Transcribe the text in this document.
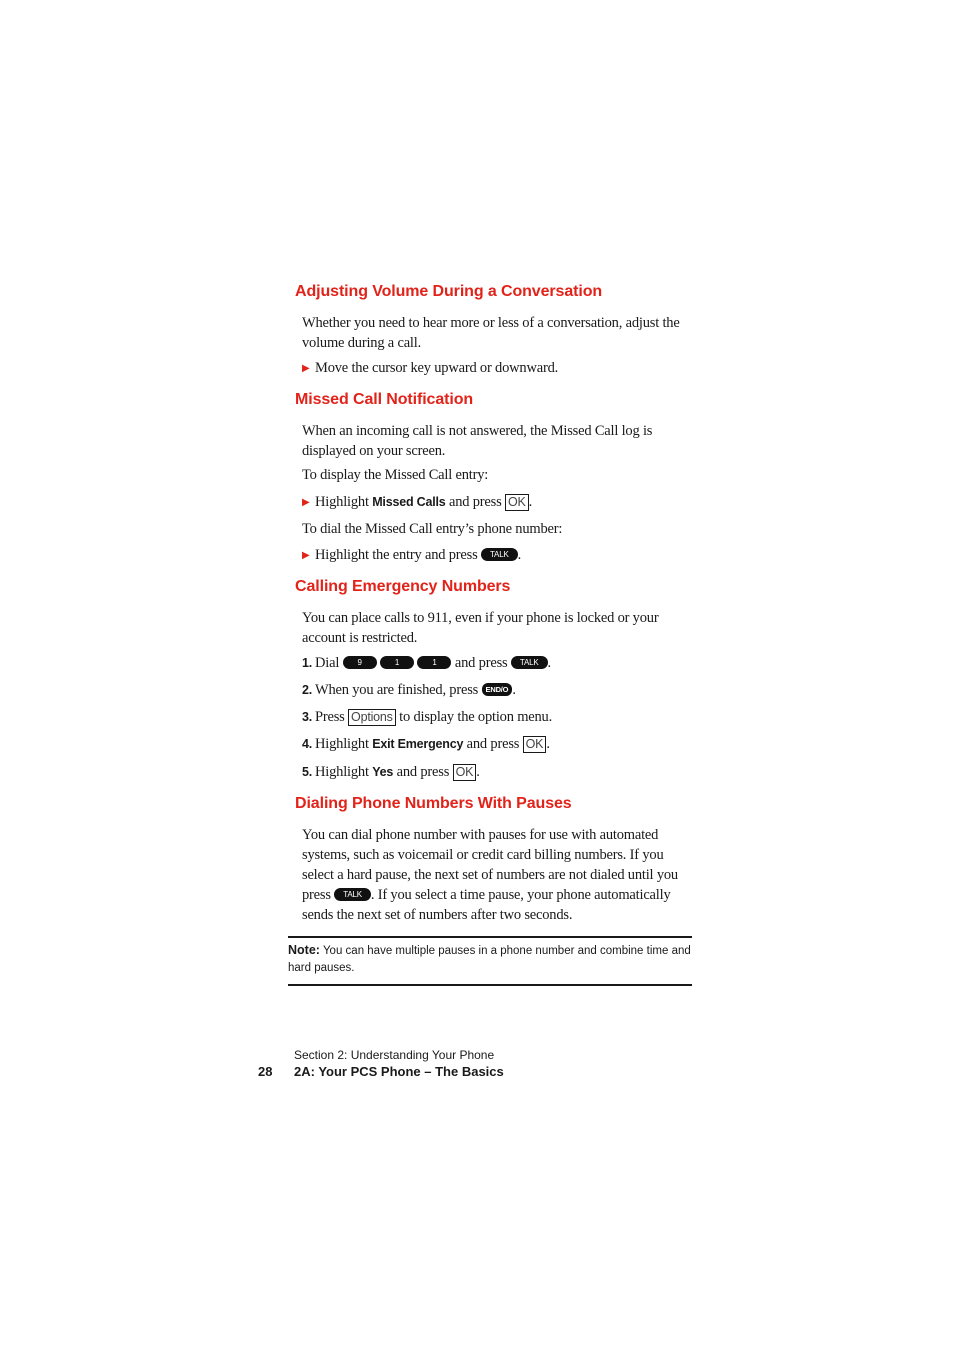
Adjusting Volume During a Conversation

Whether you need to hear more or less of a conversation, adjust the volume during a call.

▶ Move the cursor key upward or downward.

Missed Call Notification

When an incoming call is not answered, the Missed Call log is displayed on your screen.

To display the Missed Call entry:

▶ Highlight Missed Calls and press OK .

To dial the Missed Call entry’s phone number:

▶ Highlight the entry and press TALK .

Calling Emergency Numbers

You can place calls to 911, even if your phone is locked or your account is restricted.

1. Dial 9	1	1 and press TALK .

2. When you are finished, press END/O .

3. Press Options to display the option menu.

4. Highlight Exit Emergency and press OK .

5. Highlight Yes and press OK .

Dialing Phone Numbers With Pauses

You can dial phone number with pauses for use with automated systems, such as voicemail or credit card billing numbers. If you select a hard pause, the next set of numbers are not dialed until you press TALK . If you select a time pause, your phone automatically sends the next set of numbers after two seconds.

Note: You can have multiple pauses in a phone number and combine time and hard pauses.
Section 2: Understanding Your Phone
28 2A: Your PCS Phone – The Basics
